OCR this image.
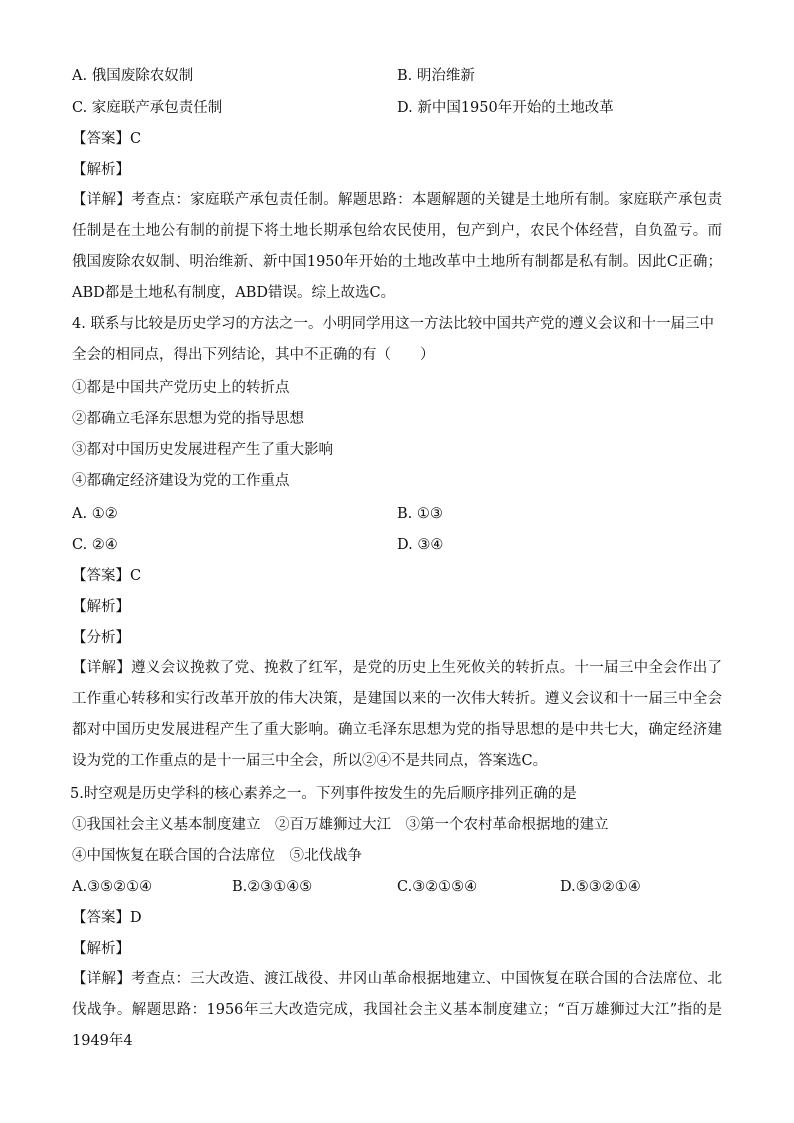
A. 俄国废除农奴制	B. 明治维新
C. 家庭联产承包责任制	D. 新中国1950年开始的土地改革
【答案】C
【解析】
【详解】考查点：家庭联产承包责任制。解题思路：本题解题的关键是土地所有制。家庭联产承包责任制是在土地公有制的前提下将土地长期承包给农民使用，包产到户，农民个体经营，自负盈亏。而俄国废除农奴制、明治维新、新中国1950年开始的土地改革中土地所有制都是私有制。因此C正确；ABD都是土地私有制度，ABD错误。综上故选C。
4. 联系与比较是历史学习的方法之一。小明同学用这一方法比较中国共产党的遵义会议和十一届三中全会的相同点，得出下列结论，其中不正确的有（　　）
①都是中国共产党历史上的转折点
②都确立毛泽东思想为党的指导思想
③都对中国历史发展进程产生了重大影响
④都确定经济建设为党的工作重点
A. ①②	B. ①③
C. ②④	D. ③④
【答案】C
【解析】
【分析】
【详解】遵义会议挽救了党、挽救了红军，是党的历史上生死攸关的转折点。十一届三中全会作出了工作重心转移和实行改革开放的伟大决策，是建国以来的一次伟大转折。遵义会议和十一届三中全会都对中国历史发展进程产生了重大影响。确立毛泽东思想为党的指导思想的是中共七大，确定经济建设为党的工作重点的是十一届三中全会，所以②④不是共同点，答案选C。
5.时空观是历史学科的核心素养之一。下列事件按发生的先后顺序排列正确的是
①我国社会主义基本制度建立　②百万雄狮过大江　③第一个农村革命根据地的建立
④中国恢复在联合国的合法席位　⑤北伐战争
A.③⑤②①④	B.②③①④⑤	C.③②①⑤④	D.⑤③②①④
【答案】D
【解析】
【详解】考查点：三大改造、渡江战役、井冈山革命根据地建立、中国恢复在联合国的合法席位、北伐战争。解题思路：1956年三大改造完成，我国社会主义基本制度建立；“百万雄狮过大江”指的是1949年4
